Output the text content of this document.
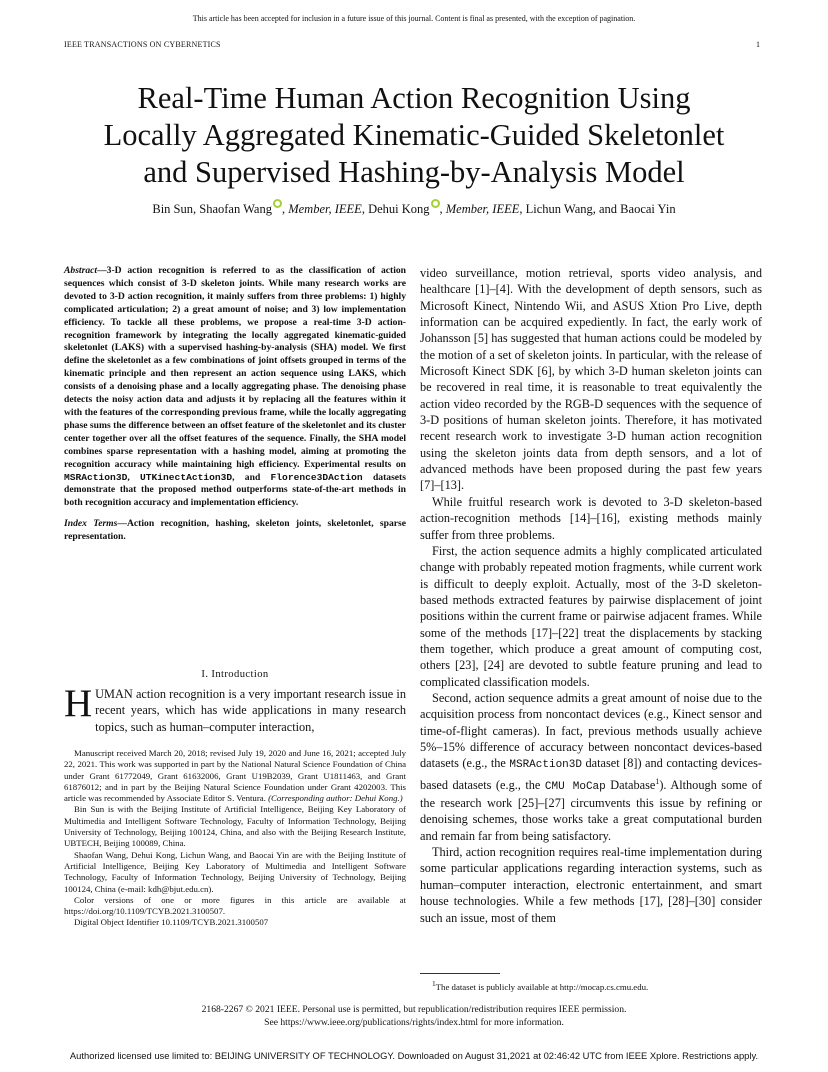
This article has been accepted for inclusion in a future issue of this journal. Content is final as presented, with the exception of pagination.
IEEE TRANSACTIONS ON CYBERNETICS	1
Real-Time Human Action Recognition Using
Locally Aggregated Kinematic-Guided Skeletonlet
and Supervised Hashing-by-Analysis Model
Bin Sun, Shaofan Wang , Member, IEEE, Dehui Kong , Member, IEEE, Lichun Wang, and Baocai Yin

Abstract—3-D action recognition is referred to as the classification of action sequences which consist of 3-D skeleton joints. While many research works are devoted to 3-D action recognition, it mainly suffers from three problems: 1) highly complicated articulation; 2) a great amount of noise; and 3) low implementation efficiency. To tackle all these problems, we propose a real-time 3-D action-recognition framework by integrating the locally aggregated kinematic-guided skeletonlet (LAKS) with a supervised hashing-by-analysis (SHA) model. We first define the skeletonlet as a few combinations of joint offsets grouped in terms of the kinematic principle and then represent an action sequence using LAKS, which consists of a denoising phase and a locally aggregating phase. The denoising phase detects the noisy action data and adjusts it by replacing all the features within it with the features of the corresponding previous frame, while the locally aggregating phase sums the difference between an offset feature of the skeletonlet and its cluster center together over all the offset features of the sequence. Finally, the SHA model combines sparse representation with a hashing model, aiming at promoting the recognition accuracy while maintaining high efficiency. Experimental results on MSRAction3D, UTKinectAction3D, and Florence3DAction datasets demonstrate that the proposed method outperforms state-of-the-art methods in both recognition accuracy and implementation efficiency.

Index Terms—Action recognition, hashing, skeleton joints, skeletonlet, sparse representation.

I. Introduction
HUMAN action recognition is a very important research issue in recent years, which has wide applications in many research topics, such as human–computer interaction,

Manuscript received March 20, 2018; revised July 19, 2020 and June 16, 2021; accepted July 22, 2021. This work was supported in part by the National Natural Science Foundation of China under Grant 61772049, Grant 61632006, Grant U19B2039, Grant U1811463, and Grant 61876012; and in part by the Beijing Natural Science Foundation under Grant 4202003. This article was recommended by Associate Editor S. Ventura. (Corresponding author: Dehui Kong.)

Bin Sun is with the Beijing Institute of Artificial Intelligence, Beijing Key Laboratory of Multimedia and Intelligent Software Technology, Faculty of Information Technology, Beijing University of Technology, Beijing 100124, China, and also with the Beijing Research Institute, UBTECH, Beijing 100089, China.

Shaofan Wang, Dehui Kong, Lichun Wang, and Baocai Yin are with the Beijing Institute of Artificial Intelligence, Beijing Key Laboratory of Multimedia and Intelligent Software Technology, Faculty of Information Technology, Beijing University of Technology, Beijing 100124, China (e-mail: kdh@bjut.edu.cn).

Color versions of one or more figures in this article are available at https://doi.org/10.1109/TCYB.2021.3100507.

Digital Object Identifier 10.1109/TCYB.2021.3100507

video surveillance, motion retrieval, sports video analysis, and healthcare [1]–[4]. With the development of depth sensors, such as Microsoft Kinect, Nintendo Wii, and ASUS Xtion Pro Live, depth information can be acquired expediently. In fact, the early work of Johansson [5] has suggested that human actions could be modeled by the motion of a set of skeleton joints. In particular, with the release of Microsoft Kinect SDK [6], by which 3-D human skeleton joints can be recovered in real time, it is reasonable to treat equivalently the action video recorded by the RGB-D sequences with the sequence of 3-D positions of human skeleton joints. Therefore, it has motivated recent research work to investigate 3-D human action recognition using the skeleton joints data from depth sensors, and a lot of advanced methods have been proposed during the past few years [7]–[13].

While fruitful research work is devoted to 3-D skeleton-based action-recognition methods [14]–[16], existing methods mainly suffer from three problems.

First, the action sequence admits a highly complicated articulated change with probably repeated motion fragments, while current work is difficult to deeply exploit. Actually, most of the 3-D skeleton-based methods extracted features by pairwise displacement of joint positions within the current frame or pairwise adjacent frames. While some of the methods [17]–[22] treat the displacements by stacking them together, which produce a great amount of computing cost, others [23], [24] are devoted to subtle feature pruning and lead to complicated classification models.

Second, action sequence admits a great amount of noise due to the acquisition process from noncontact devices (e.g., Kinect sensor and time-of-flight cameras). In fact, previous methods usually achieve 5%–15% difference of accuracy between noncontact devices-based datasets (e.g., the MSRAction3D dataset [8]) and contacting devices-based datasets (e.g., the CMU MoCap Database$^1$). Although some of the research work [25]–[27] circumvents this issue by refining or denoising schemes, those works take a great computational burden and remain far from being satisfactory.

Third, action recognition requires real-time implementation during some particular applications regarding interaction systems, such as human–computer interaction, electronic entertainment, and smart house technologies. While a few methods [17], [28]–[30] consider such an issue, most of them

$^1$The dataset is publicly available at http://mocap.cs.cmu.edu.
2168-2267 © 2021 IEEE. Personal use is permitted, but republication/redistribution requires IEEE permission.
See https://www.ieee.org/publications/rights/index.html for more information.
Authorized licensed use limited to: BEIJING UNIVERSITY OF TECHNOLOGY. Downloaded on August 31,2021 at 02:46:42 UTC from IEEE Xplore. Restrictions apply.
